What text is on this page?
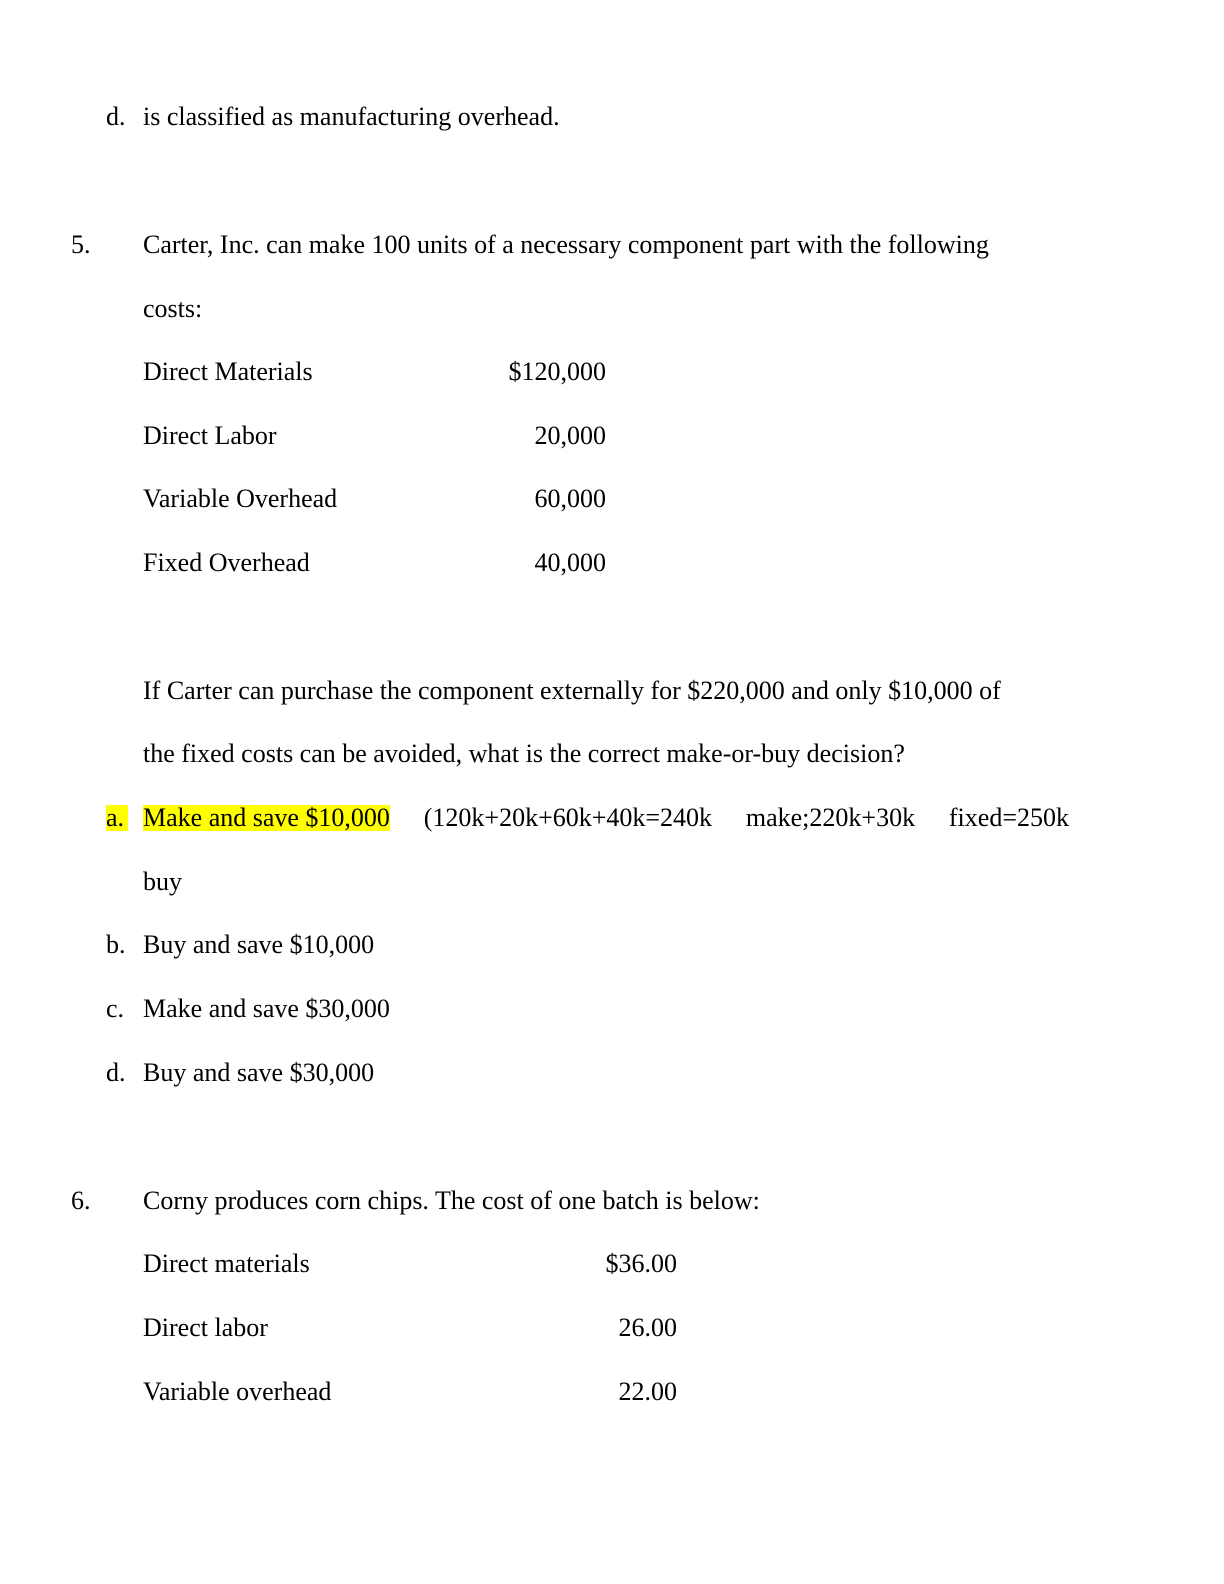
d. is classified as manufacturing overhead.
5. Carter, Inc. can make 100 units of a necessary component part with the following
costs:
Direct Materials	$120,000
Direct Labor	20,000
Variable Overhead	60,000
Fixed Overhead	40,000
If Carter can purchase the component externally for $220,000 and only $10,000 of
the fixed costs can be avoided, what is the correct make-or-buy decision?
a. Make and save $10,000 (120k+20k+60k+40k=240k make;220k+30k fixed=250k
buy
b. Buy and save $10,000
c. Make and save $30,000
d. Buy and save $30,000
6. Corny produces corn chips. The cost of one batch is below:
Direct materials	$36.00
Direct labor	26.00
Variable overhead	22.00
